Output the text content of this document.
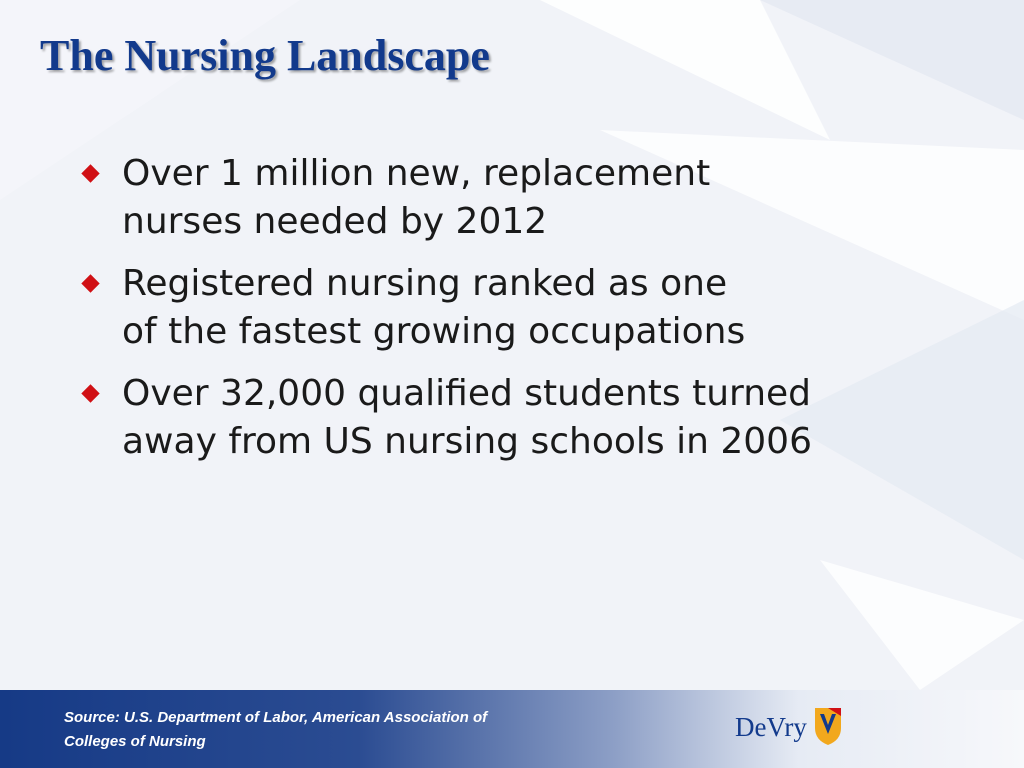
The Nursing Landscape
Over 1 million new, replacement
nurses needed by 2012
Registered nursing ranked as one
of the fastest growing occupations
Over 32,000 qualified students turned
away from US nursing schools in 2006

Source: U.S. Department of Labor, American Association of Colleges of Nursing	DeVry
